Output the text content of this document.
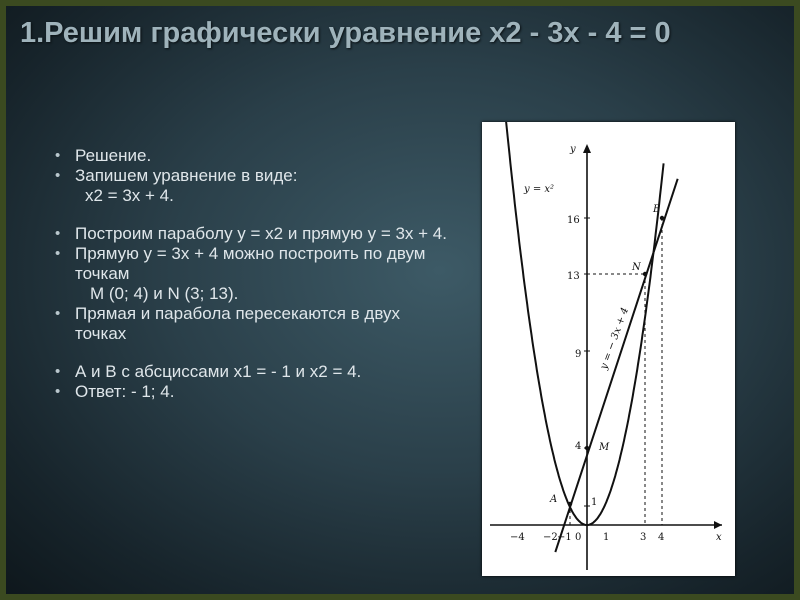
1.Решим графически уравнение х2 - 3х - 4 = 0
• Решение.
• Запишем уравнение в виде:
х2 = 3х + 4.
• Построим параболу у = х2 и прямую у = 3х + 4.
• Прямую у = 3х + 4 можно построить по двум точкам
М (0; 4) и N (3; 13).
• Прямая и парабола пересекаются в двух точках
• А и В с абсциссами х1 = - 1 и х2 = 4.
• Ответ: - 1; 4.
x
y
−4 −2 −1 0 1	3 4
1
4
9
13
16
A
B
M
N
y = x²
y = − 3x + 4
